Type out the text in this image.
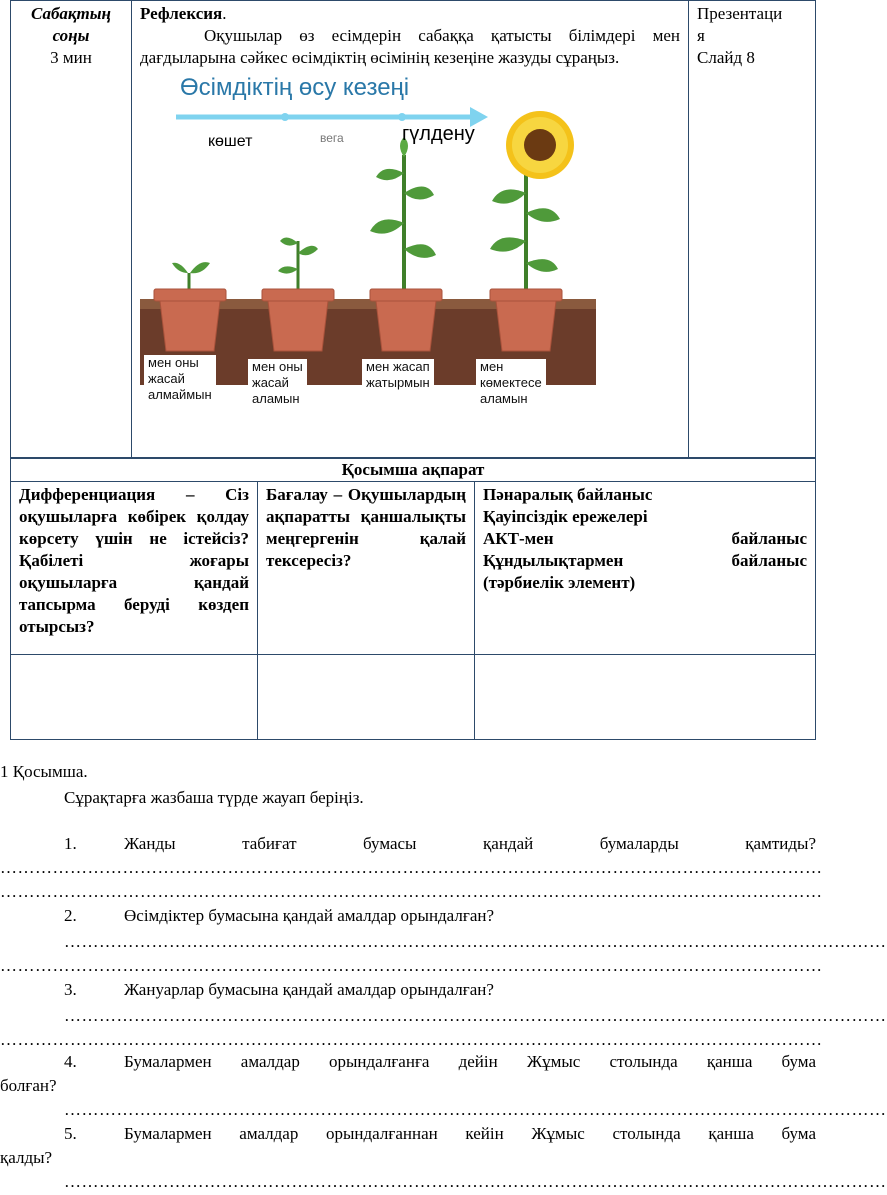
Сабақтың соңы
3 мин

Рефлексия.
Оқушылар өз есімдерін сабаққа қатысты білімдері мен дағдыларына сәйкес өсімдіктің өсімінің кезеңіне жазуды сұраңыз.
Өсімдіктің өсу кезеңі
көшет	вега	гүлдену
мен оны
жасай
алмаймын
мен оны
жасай
аламын
мен жасап
жатырмын
мен
көмектесе
аламын

Презентаци
я
Слайд 8
Қосымша ақпарат		
Дифференциация – Сіз оқушыларға көбірек қолдау көрсету үшін не істейсіз? Қабілеті жоғары оқушыларға қандай тапсырма беруді көздеп отырсыз?	Бағалау – Оқушылардың ақпаратты қаншалықты меңгергенін қалай тексересіз?	Пәнаралық байланыс
Қауіпсіздік ережелері
АКТ-мен байланыс
Құндылықтармен байланыс
(тәрбиелік элемент)

1 Қосымша.
Сұрақтарға жазбаша түрде жауап беріңіз.
1.	Жанды табиғат бумасы қандай бумаларды қамтиды?
……………………………………………………………………………………………………………………………
……………………………………………………………………………………………………………………………
2.	Өсімдіктер бумасына қандай амалдар орындалған?
……………………………………………………………………………………………………………………………
……………………………………………………………………………………………………………………………
3.	Жануарлар бумасына қандай амалдар орындалған?
……………………………………………………………………………………………………………………………
……………………………………………………………………………………………………………………………
4.	Бумалармен амалдар орындалғанға дейін Жұмыс столында қанша бума
болған?
……………………………………………………………………………………………………………………………
5.	Бумалармен амалдар орындалғаннан кейін Жұмыс столында қанша бума
қалды?
……………………………………………………………………………………………………………………………
